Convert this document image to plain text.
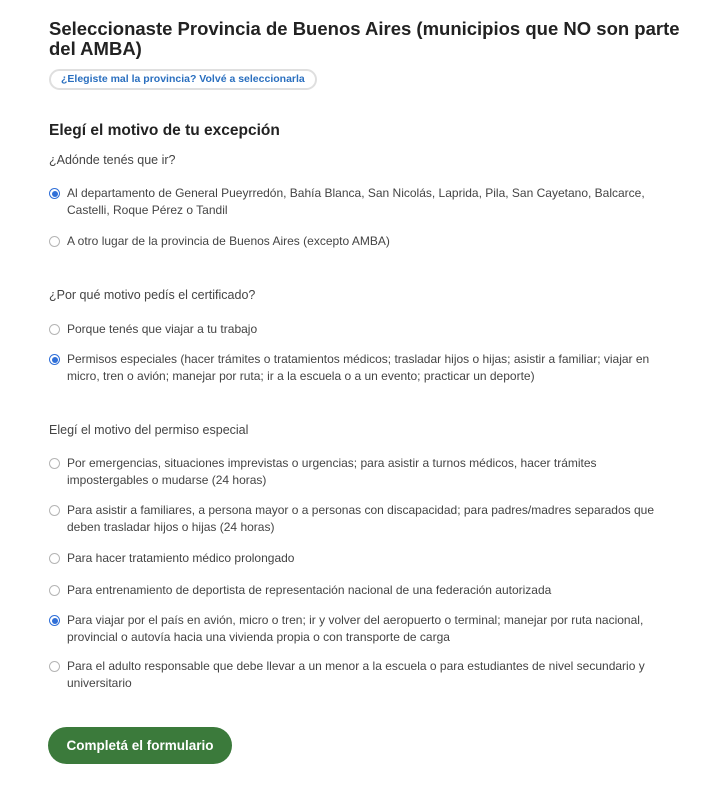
Seleccionaste Provincia de Buenos Aires (municipios que NO son parte del AMBA)
¿Elegiste mal la provincia? Volvé a seleccionarla
Elegí el motivo de tu excepción

¿Adónde tenés que ir?

Al departamento de General Pueyrredón, Bahía Blanca, San Nicolás, Laprida, Pila, San Cayetano, Balcarce, Castelli, Roque Pérez o Tandil
A otro lugar de la provincia de Buenos Aires (excepto AMBA)

¿Por qué motivo pedís el certificado?

Porque tenés que viajar a tu trabajo
Permisos especiales (hacer trámites o tratamientos médicos; trasladar hijos o hijas; asistir a familiar; viajar en micro, tren o avión; manejar por ruta; ir a la escuela o a un evento; practicar un deporte)

Elegí el motivo del permiso especial

Por emergencias, situaciones imprevistas o urgencias; para asistir a turnos médicos, hacer trámites impostergables o mudarse (24 horas)
Para asistir a familiares, a persona mayor o a personas con discapacidad; para padres/madres separados que deben trasladar hijos o hijas (24 horas)
Para hacer tratamiento médico prolongado
Para entrenamiento de deportista de representación nacional de una federación autorizada
Para viajar por el país en avión, micro o tren; ir y volver del aeropuerto o terminal; manejar por ruta nacional, provincial o autovía hacia una vivienda propia o con transporte de carga
Para el adulto responsable que debe llevar a un menor a la escuela o para estudiantes de nivel secundario y universitario
Completá el formulario
